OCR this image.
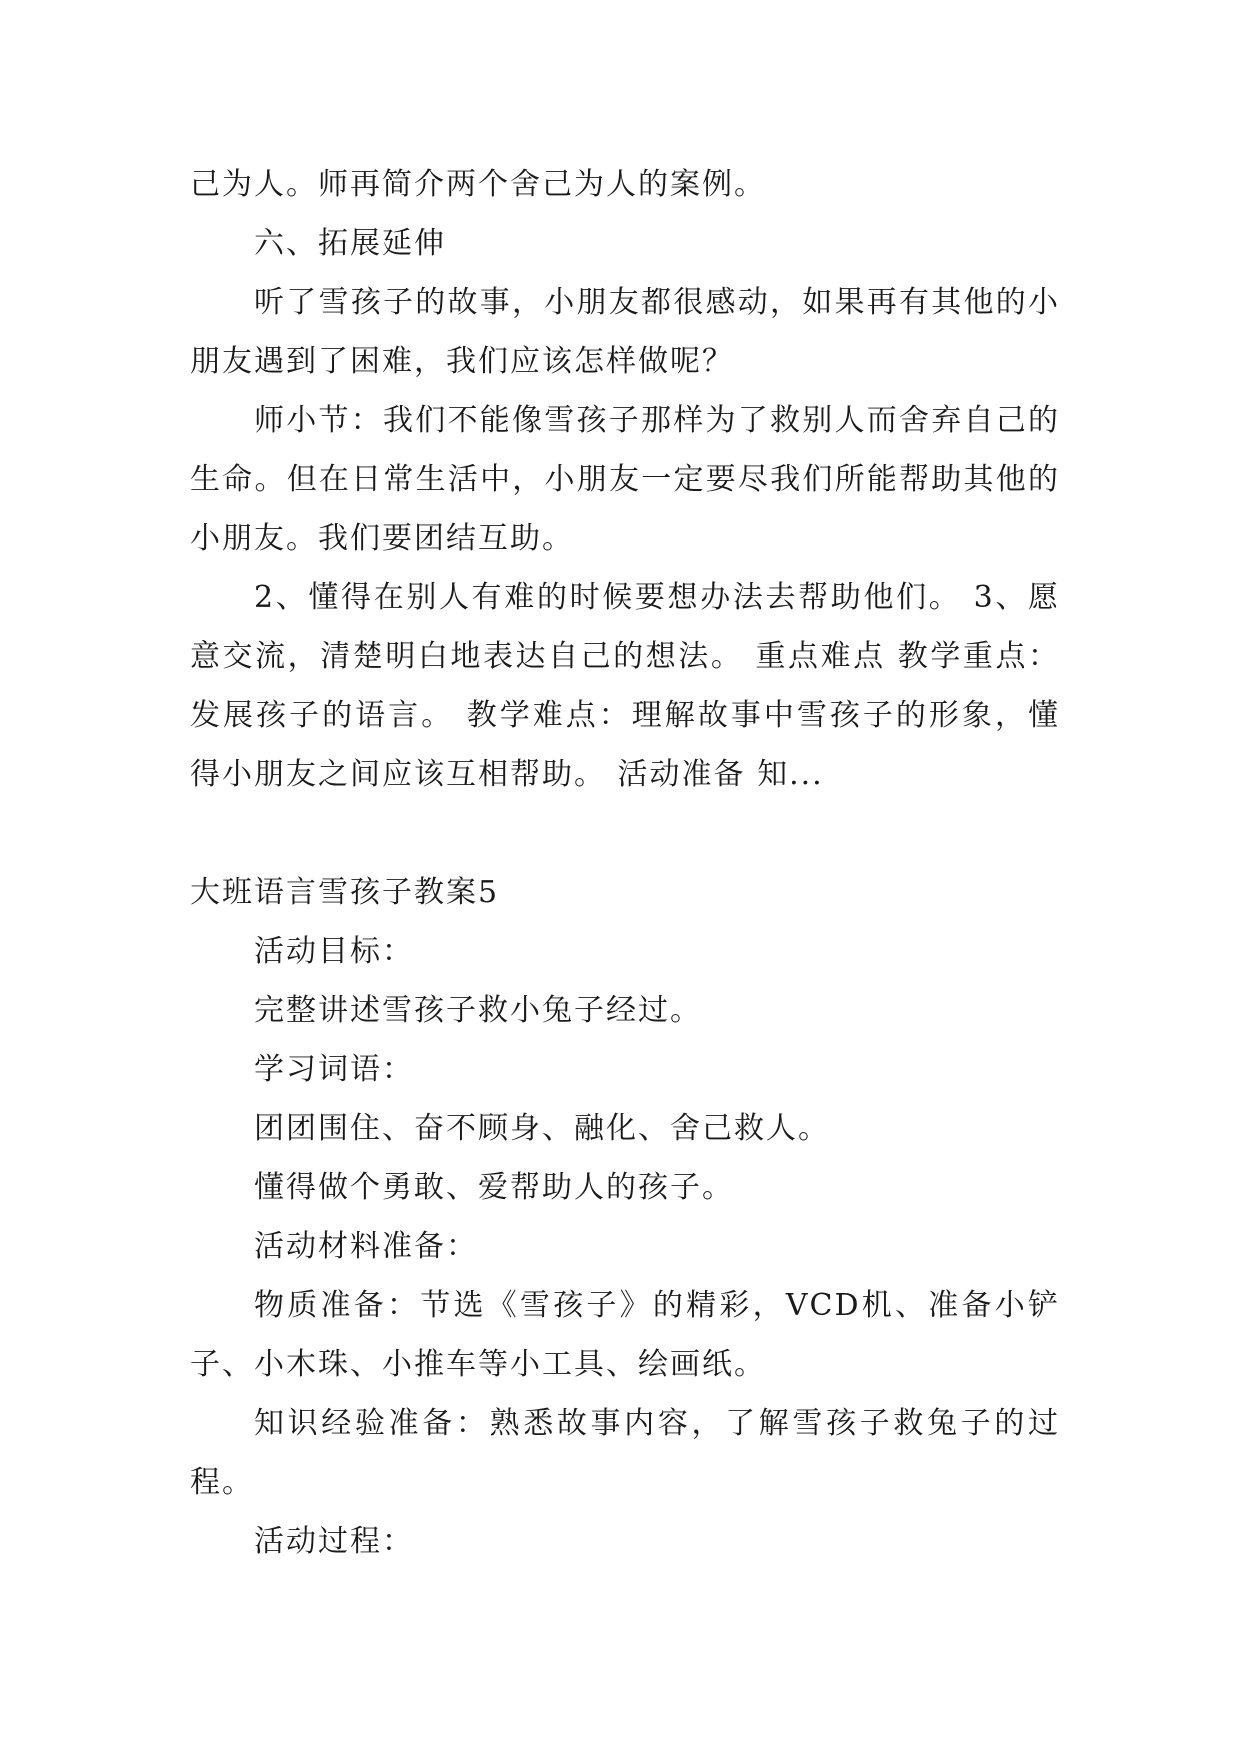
己为人。师再简介两个舍己为人的案例。

六、拓展延伸

听了雪孩子的故事，小朋友都很感动，如果再有其他的小朋友遇到了困难，我们应该怎样做呢？

师小节：我们不能像雪孩子那样为了救别人而舍弃自己的生命。但在日常生活中，小朋友一定要尽我们所能帮助其他的小朋友。我们要团结互助。

2、懂得在别人有难的时候要想办法去帮助他们。 3、愿意交流，清楚明白地表达自己的想法。 重点难点 教学重点：发展孩子的语言。 教学难点：理解故事中雪孩子的形象，懂得小朋友之间应该互相帮助。 活动准备 知...

大班语言雪孩子教案5

活动目标：

完整讲述雪孩子救小兔子经过。

学习词语：

团团围住、奋不顾身、融化、舍己救人。

懂得做个勇敢、爱帮助人的孩子。

活动材料准备：

物质准备：节选《雪孩子》的精彩，VCD机、准备小铲子、小木珠、小推车等小工具、绘画纸。

知识经验准备：熟悉故事内容，了解雪孩子救兔子的过程。

活动过程：
